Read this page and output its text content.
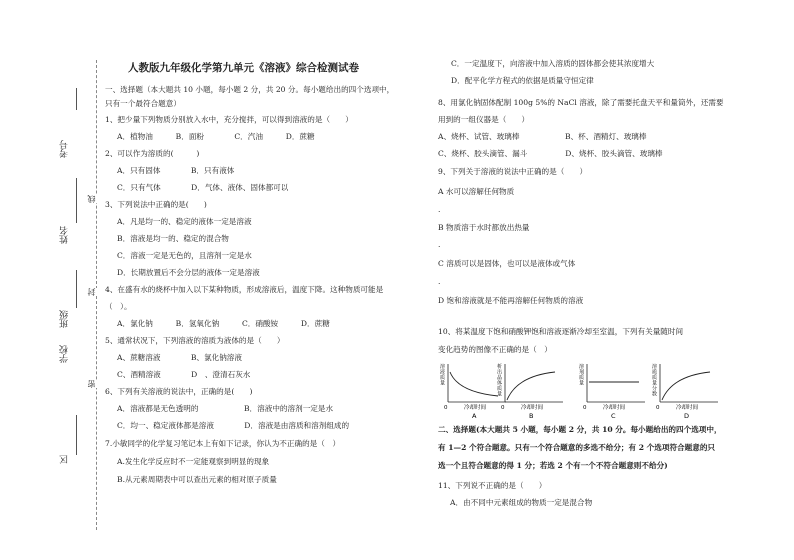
考号
姓名
班级
学校
区
线
封
密
人教版九年级化学第九单元《溶液》综合检测试卷
一、选择题（本大题共 10 小题，每小题 2 分，共 20 分。每小题给出的四个选项中，
只有一个最符合题意）
1、把少量下列物质分别放入水中，充分搅拌，可以得到溶液的是（　　）
A．植物油　　　B．面粉　　　　C．汽油　　　D．蔗糖
2、可以作为溶质的(　　　)
A．只有固体　　　　B．只有液体
C．只有气体　　　　D．气体、液体、固体都可以
3、下列说法中正确的是(　　)
A．凡是均一的、稳定的液体一定是溶液
B．溶液是均一的、稳定的混合物
C．溶液一定是无色的，且溶剂一定是水
D．长期放置后不会分层的液体一定是溶液
4、在盛有水的烧杯中加入以下某种物质，形成溶液后，温度下降。这种物质可能是
（　）。
A．氯化钠　　　B．氢氧化钠　　　C．硝酸铵　　　D．蔗糖
5、通常状况下，下列溶液的溶质为液体的是（　　）
A、蔗糖溶液　　　　B、氯化钠溶液
C、酒精溶液　　　　D　、澄清石灰水
6、下列有关溶液的说法中，正确的是(　　)
A．溶液都是无色透明的　　　　　　B．溶液中的溶剂一定是水
C．均一、稳定液体都是溶液　　　　D．溶液是由溶质和溶剂组成的
7.小敏同学的化学复习笔记本上有如下记录，你认为不正确的是（　）
A.发生化学反应时不一定能观察到明显的现象
B.从元素周期表中可以查出元素的相对原子质量
C．一定温度下，向溶液中加入溶质的固体都会使其浓度增大
D．配平化学方程式的依据是质量守恒定律
8、用氯化钠固体配制 100g 5%的 NaCl 溶液，除了需要托盘天平和量筒外，还需要
用到的一组仪器是（　　）
A、烧杯、试管、玻璃棒　　　　　　B、杯、酒精灯、玻璃棒
C、烧杯、胶头滴管、漏斗　　　　　D、烧杯、胶头滴管、玻璃棒
9、下列关于溶液的说法中正确的是（　　）
A 水可以溶解任何物质
.
B 物质溶于水时都放出热量
.
C 溶质可以是固体，也可以是液体或气体
.
D 饱和溶液就是不能再溶解任何物质的溶液
10、将某温度下饱和硝酸钾饱和溶液逐渐冷却至室温，下列有关量随时间
变化趋势的图像不正确的是（　）
二、选择题(本大题共 5 小题，每小题 2 分，共 10 分。每小题给出的四个选项中，
有 1—2 个符合题意。只有一个符合题意的多选不给分；有 2 个选项符合题意的只
选一个且符合题意的得 1 分；若选 2 个有一个不符合题意则不给分)
11、下列说不正确的是（　　）
A．由不同中元素组成的物质一定是混合物
0	冷却时间
A
溶
液
质
量
0	冷却时间
B
析
出
晶
体
质
量
0	冷却时间
C
溶
剂
质
量
0	冷却时间
D
溶
质
质
量
分
数
